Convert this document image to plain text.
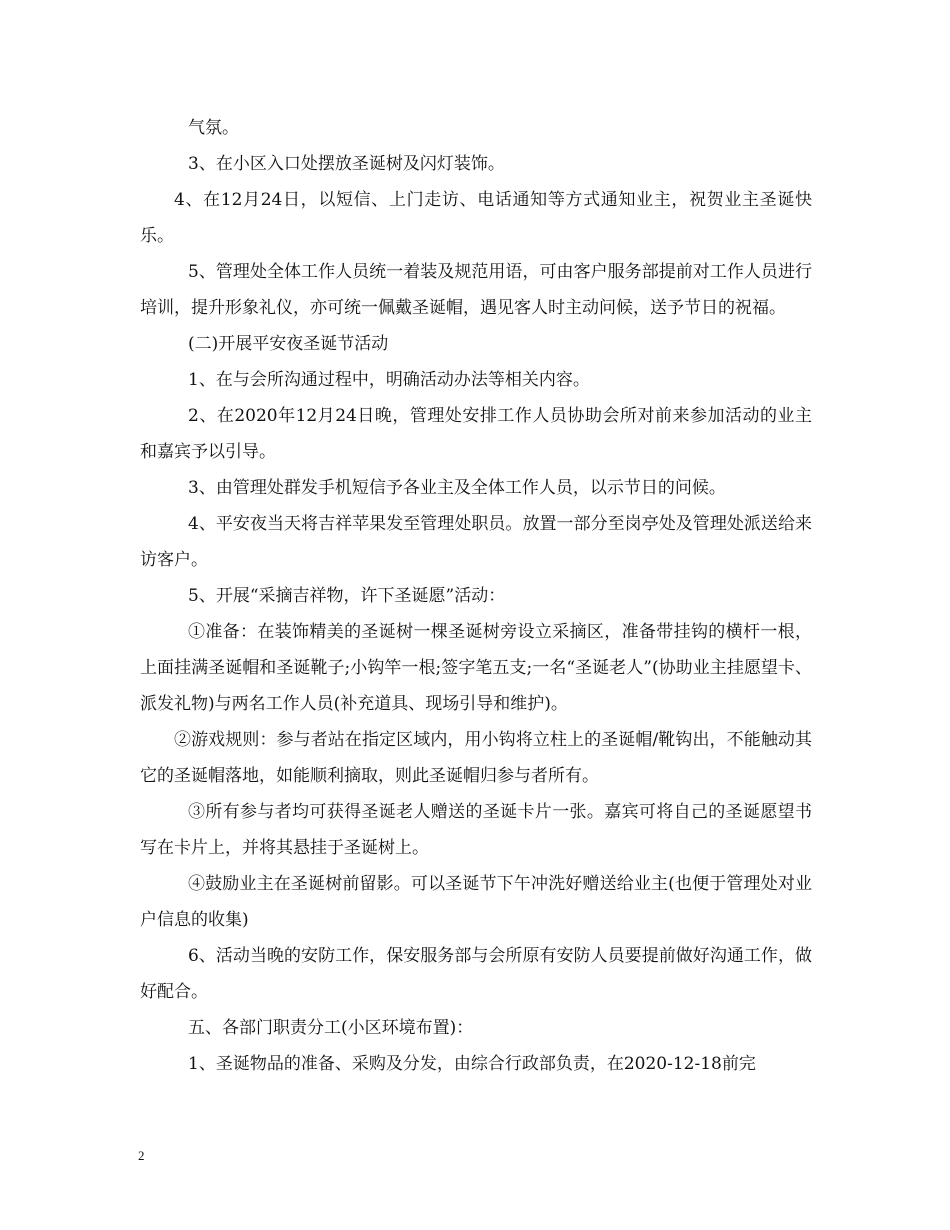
气氛。

3、在小区入口处摆放圣诞树及闪灯装饰。

4、在12月24日，以短信、上门走访、电话通知等方式通知业主，祝贺业主圣诞快乐。

5、管理处全体工作人员统一着装及规范用语，可由客户服务部提前对工作人员进行培训，提升形象礼仪，亦可统一佩戴圣诞帽，遇见客人时主动问候，送予节日的祝福。

(二)开展平安夜圣诞节活动

1、在与会所沟通过程中，明确活动办法等相关内容。

2、在2020年12月24日晚，管理处安排工作人员协助会所对前来参加活动的业主和嘉宾予以引导。

3、由管理处群发手机短信予各业主及全体工作人员，以示节日的问候。

4、平安夜当天将吉祥苹果发至管理处职员。放置一部分至岗亭处及管理处派送给来访客户。

5、开展“采摘吉祥物，许下圣诞愿”活动：

①准备：在装饰精美的圣诞树一棵圣诞树旁设立采摘区，准备带挂钩的横杆一根，上面挂满圣诞帽和圣诞靴子;小钩竿一根;签字笔五支;一名“圣诞老人”(协助业主挂愿望卡、派发礼物)与两名工作人员(补充道具、现场引导和维护)。

②游戏规则：参与者站在指定区域内，用小钩将立柱上的圣诞帽/靴钩出，不能触动其它的圣诞帽落地，如能顺利摘取，则此圣诞帽归参与者所有。

③所有参与者均可获得圣诞老人赠送的圣诞卡片一张。嘉宾可将自己的圣诞愿望书写在卡片上，并将其悬挂于圣诞树上。

④鼓励业主在圣诞树前留影。可以圣诞节下午冲洗好赠送给业主(也便于管理处对业户信息的收集)

6、活动当晚的安防工作，保安服务部与会所原有安防人员要提前做好沟通工作，做好配合。

五、各部门职责分工(小区环境布置)：

1、圣诞物品的准备、采购及分发，由综合行政部负责，在2020-12-18前完

2
